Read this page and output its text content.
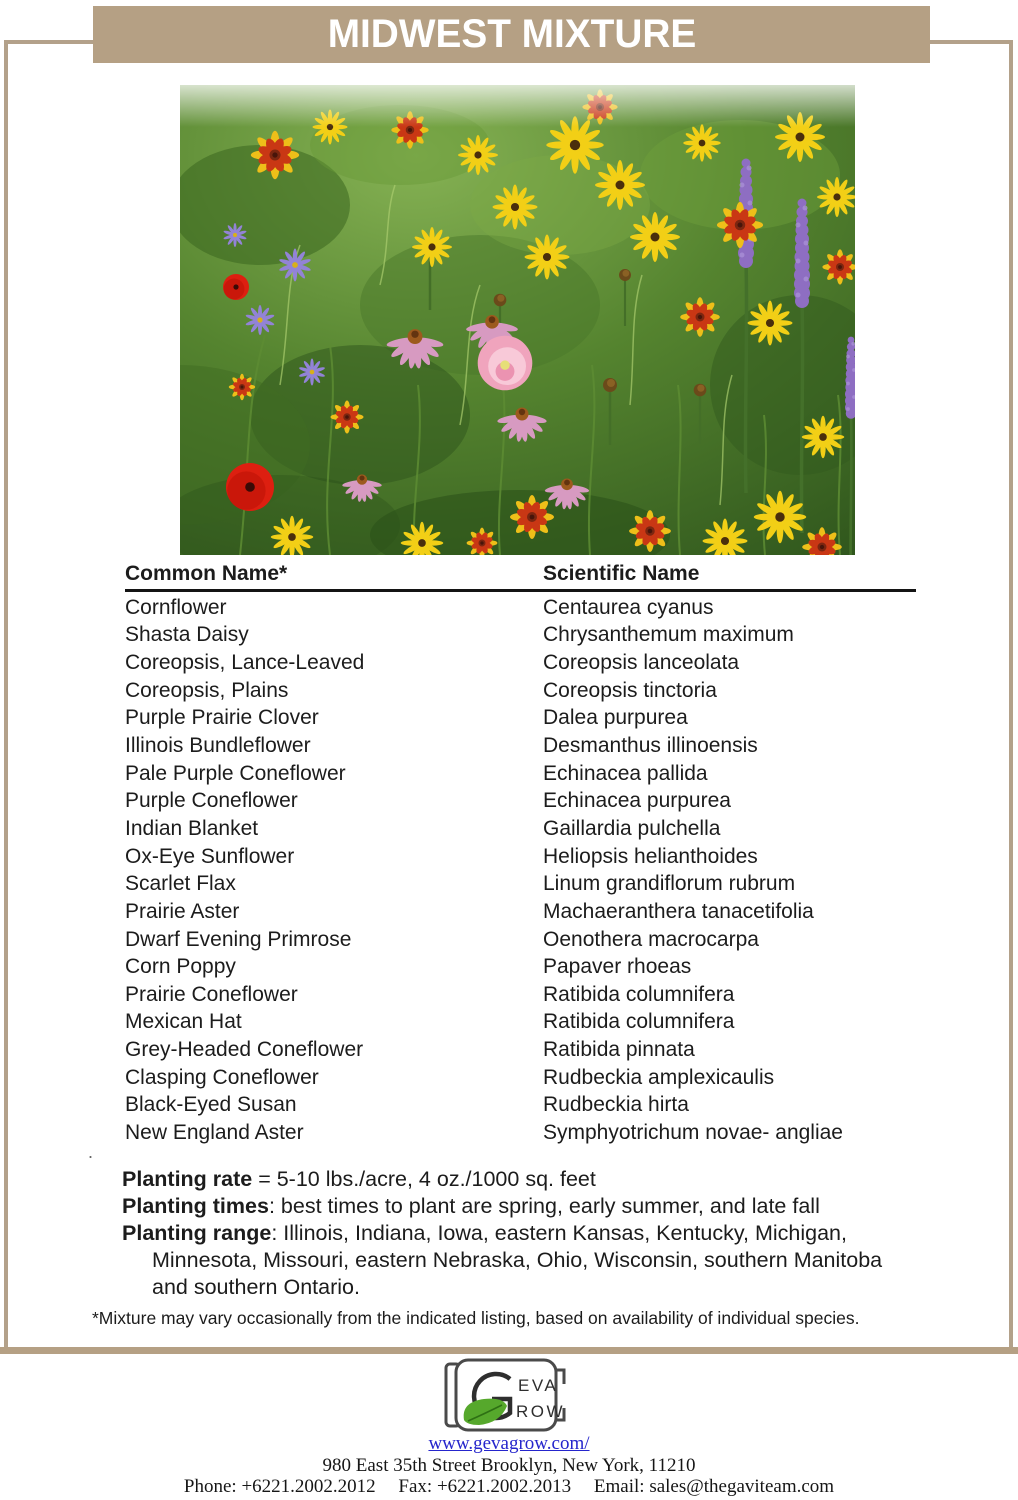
MIDWEST MIXTURE
Common Name*	Scientific Name
Cornflower	Centaurea cyanus
Shasta Daisy	Chrysanthemum maximum
Coreopsis, Lance-Leaved	Coreopsis lanceolata
Coreopsis, Plains	Coreopsis tinctoria
Purple Prairie Clover	Dalea purpurea
Illinois Bundleflower	Desmanthus illinoensis
Pale Purple Coneflower	Echinacea pallida
Purple Coneflower	Echinacea purpurea
Indian Blanket	Gaillardia pulchella
Ox-Eye Sunflower	Heliopsis helianthoides
Scarlet Flax	Linum grandiflorum rubrum
Prairie Aster	Machaeranthera tanacetifolia
Dwarf Evening Primrose	Oenothera macrocarpa
Corn Poppy	Papaver rhoeas
Prairie Coneflower	Ratibida columnifera
Mexican Hat	Ratibida columnifera
Grey-Headed Coneflower	Ratibida pinnata
Clasping Coneflower	Rudbeckia amplexicaulis
Black-Eyed Susan	Rudbeckia hirta
New England Aster	Symphyotrichum novae- angliae
.

Planting rate = 5-10 lbs./acre, 4 oz./1000 sq. feet

Planting times: best times to plant are spring, early summer, and late fall

Planting range: Illinois, Indiana, Iowa, eastern Kansas, Kentucky, Michigan, Minnesota, Missouri, eastern Nebraska, Ohio, Wisconsin, southern Manitoba and southern Ontario.

*Mixture may vary occasionally from the indicated listing, based on availability of individual species.
EVA
ROW
www.gevagrow.com/
980 East 35th Street Brooklyn, New York, 11210
Phone: +6221.2002.2012 Fax: +6221.2002.2013 Email: sales@thegaviteam.com
